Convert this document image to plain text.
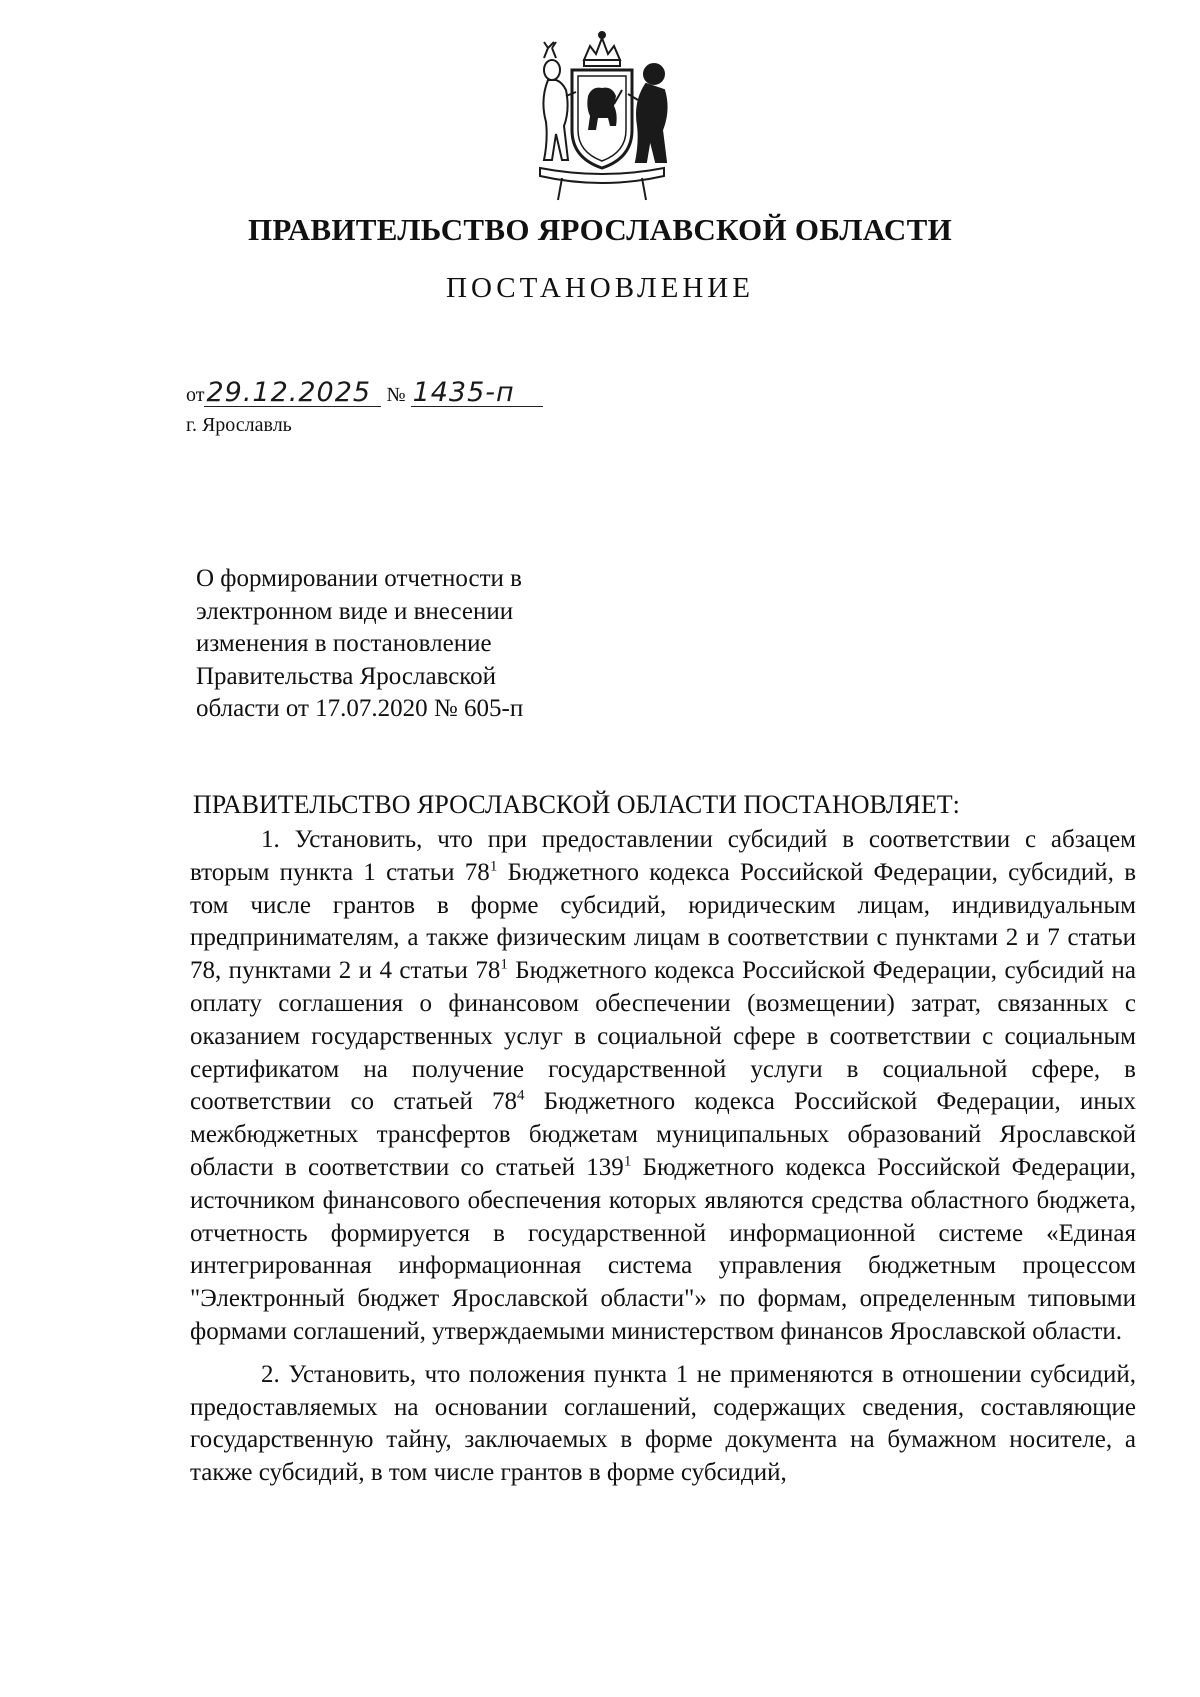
ПРАВИТЕЛЬСТВО ЯРОСЛАВСКОЙ ОБЛАСТИ
ПОСТАНОВЛЕНИЕ
от29.12.2025 № 1435-п
г. Ярославль
О формировании отчетности в
электронном виде и внесении
изменения в постановление
Правительства Ярославской
области от 17.07.2020 № 605-п
ПРАВИТЕЛЬСТВО ЯРОСЛАВСКОЙ ОБЛАСТИ ПОСТАНОВЛЯЕТ:

1. Установить, что при предоставлении субсидий в соответствии с абзацем вторым пункта 1 статьи $78^1$ Бюджетного кодекса Российской Федерации, субсидий, в том числе грантов в форме субсидий, юридическим лицам, индивидуальным предпринимателям, а также физическим лицам в соответствии с пунктами 2 и 7 статьи 78, пунктами 2 и 4 статьи $78^1$ Бюджетного кодекса Российской Федерации, субсидий на оплату соглашения о финансовом обеспечении (возмещении) затрат, связанных с оказанием государственных услуг в социальной сфере в соответствии с социальным сертификатом на получение государственной услуги в социальной сфере, в соответствии со статьей $78^4$ Бюджетного кодекса Российской Федерации, иных межбюджетных трансфертов бюджетам муниципальных образований Ярославской области в соответствии со статьей $139^1$ Бюджетного кодекса Российской Федерации, источником финансового обеспечения которых являются средства областного бюджета, отчетность формируется в государственной информационной системе «Единая интегрированная информационная система управления бюджетным процессом "Электронный бюджет Ярославской области"» по формам, определенным типовыми формами соглашений, утверждаемыми министерством финансов Ярославской области.

2. Установить, что положения пункта 1 не применяются в отношении субсидий, предоставляемых на основании соглашений, содержащих сведения, составляющие государственную тайну, заключаемых в форме документа на бумажном носителе, а также субсидий, в том числе грантов в форме субсидий,
